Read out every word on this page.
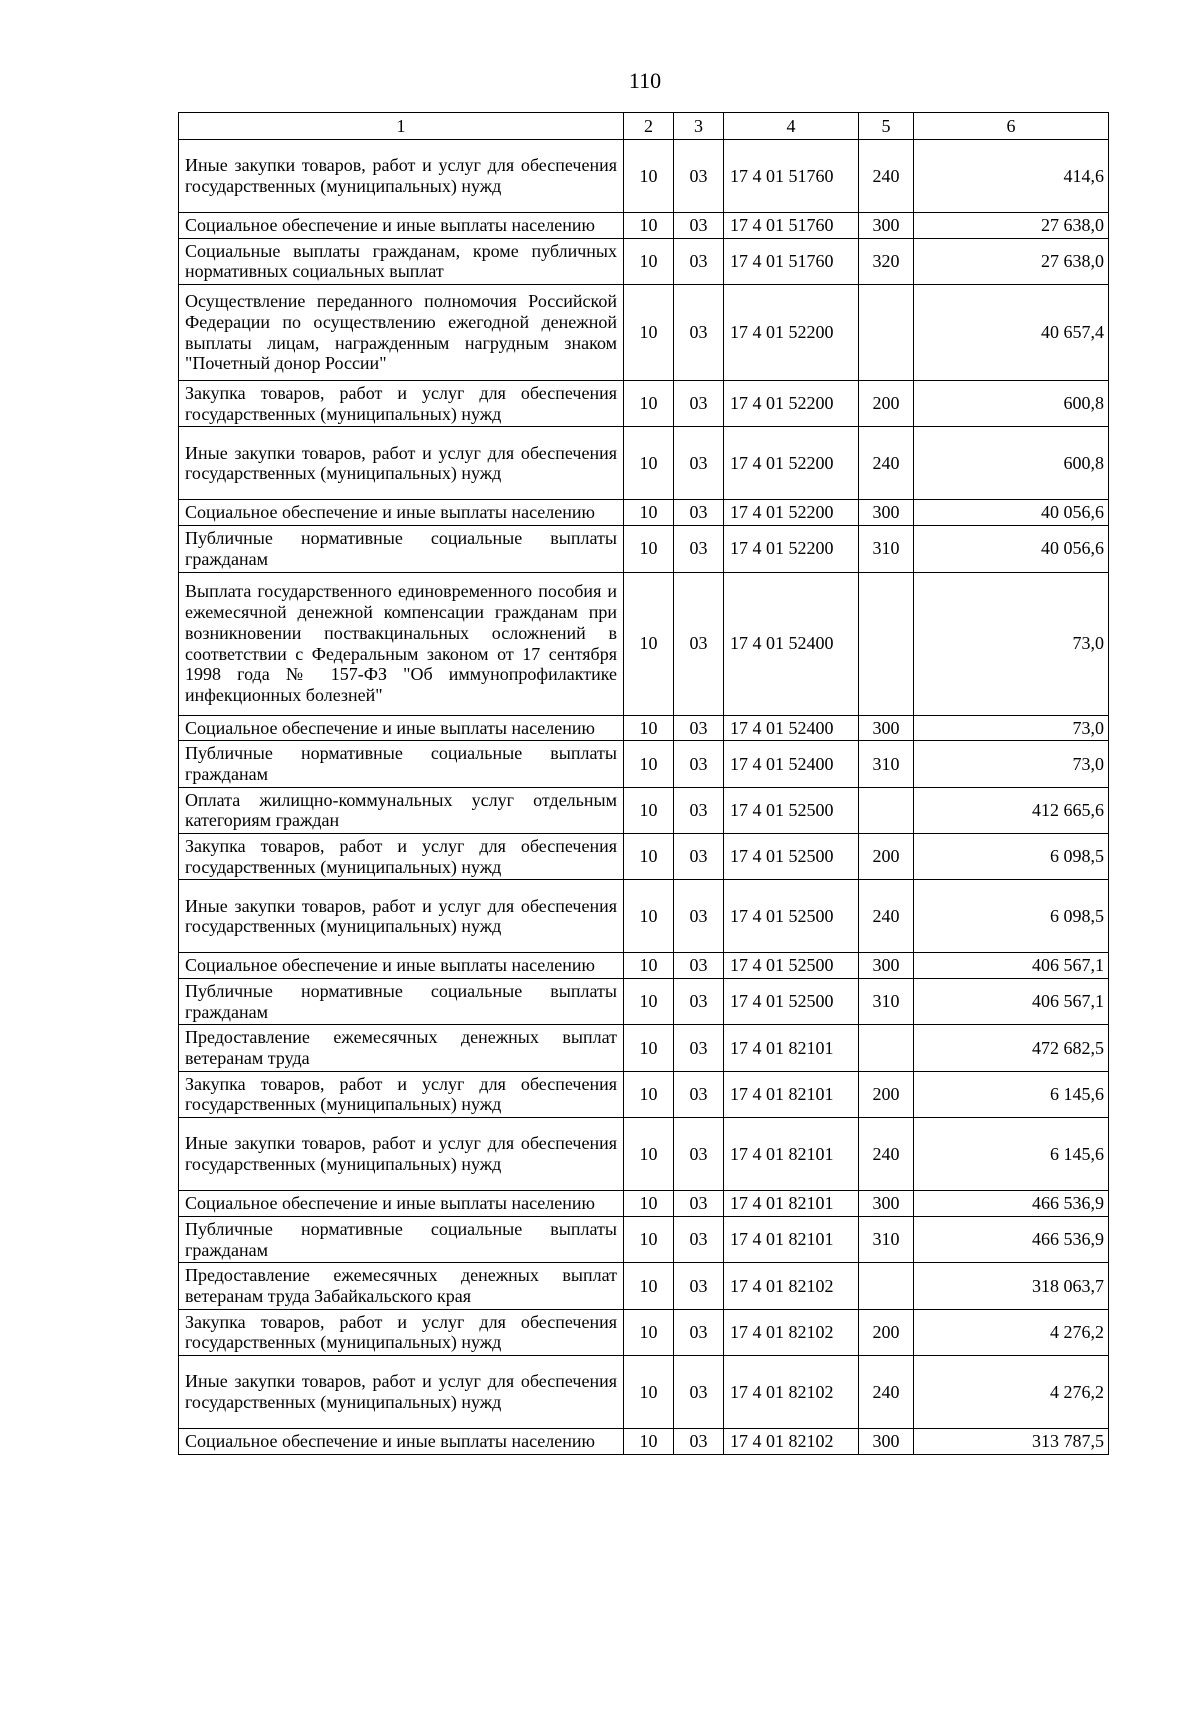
110
1	2	3	4	5	6
Иные закупки товаров, работ и услуг для обеспечения государственных (муниципальных) нужд	10	03	17 4 01 51760	240	414,6
Социальное обеспечение и иные выплаты населению	10	03	17 4 01 51760	300	27 638,0
Социальные выплаты гражданам, кроме публичных нормативных социальных выплат	10	03	17 4 01 51760	320	27 638,0
Осуществление переданного полномочия Российской Федерации по осуществлению ежегодной денежной выплаты лицам, награжденным нагрудным знаком "Почетный донор России"	10	03	17 4 01 52200		40 657,4
Закупка товаров, работ и услуг для обеспечения государственных (муниципальных) нужд	10	03	17 4 01 52200	200	600,8
Иные закупки товаров, работ и услуг для обеспечения государственных (муниципальных) нужд	10	03	17 4 01 52200	240	600,8
Социальное обеспечение и иные выплаты населению	10	03	17 4 01 52200	300	40 056,6
Публичные нормативные социальные выплаты гражданам	10	03	17 4 01 52200	310	40 056,6
Выплата государственного единовременного пособия и ежемесячной денежной компенсации гражданам при возникновении поствакцинальных осложнений в соответствии с Федеральным законом от 17 сентября 1998 года № 157-ФЗ "Об иммунопрофилактике инфекционных болезней"	10	03	17 4 01 52400		73,0
Социальное обеспечение и иные выплаты населению	10	03	17 4 01 52400	300	73,0
Публичные нормативные социальные выплаты гражданам	10	03	17 4 01 52400	310	73,0
Оплата жилищно-коммунальных услуг отдельным категориям граждан	10	03	17 4 01 52500		412 665,6
Закупка товаров, работ и услуг для обеспечения государственных (муниципальных) нужд	10	03	17 4 01 52500	200	6 098,5
Иные закупки товаров, работ и услуг для обеспечения государственных (муниципальных) нужд	10	03	17 4 01 52500	240	6 098,5
Социальное обеспечение и иные выплаты населению	10	03	17 4 01 52500	300	406 567,1
Публичные нормативные социальные выплаты гражданам	10	03	17 4 01 52500	310	406 567,1
Предоставление ежемесячных денежных выплат ветеранам труда	10	03	17 4 01 82101		472 682,5
Закупка товаров, работ и услуг для обеспечения государственных (муниципальных) нужд	10	03	17 4 01 82101	200	6 145,6
Иные закупки товаров, работ и услуг для обеспечения государственных (муниципальных) нужд	10	03	17 4 01 82101	240	6 145,6
Социальное обеспечение и иные выплаты населению	10	03	17 4 01 82101	300	466 536,9
Публичные нормативные социальные выплаты гражданам	10	03	17 4 01 82101	310	466 536,9
Предоставление ежемесячных денежных выплат ветеранам труда Забайкальского края	10	03	17 4 01 82102		318 063,7
Закупка товаров, работ и услуг для обеспечения государственных (муниципальных) нужд	10	03	17 4 01 82102	200	4 276,2
Иные закупки товаров, работ и услуг для обеспечения государственных (муниципальных) нужд	10	03	17 4 01 82102	240	4 276,2
Социальное обеспечение и иные выплаты населению	10	03	17 4 01 82102	300	313 787,5
